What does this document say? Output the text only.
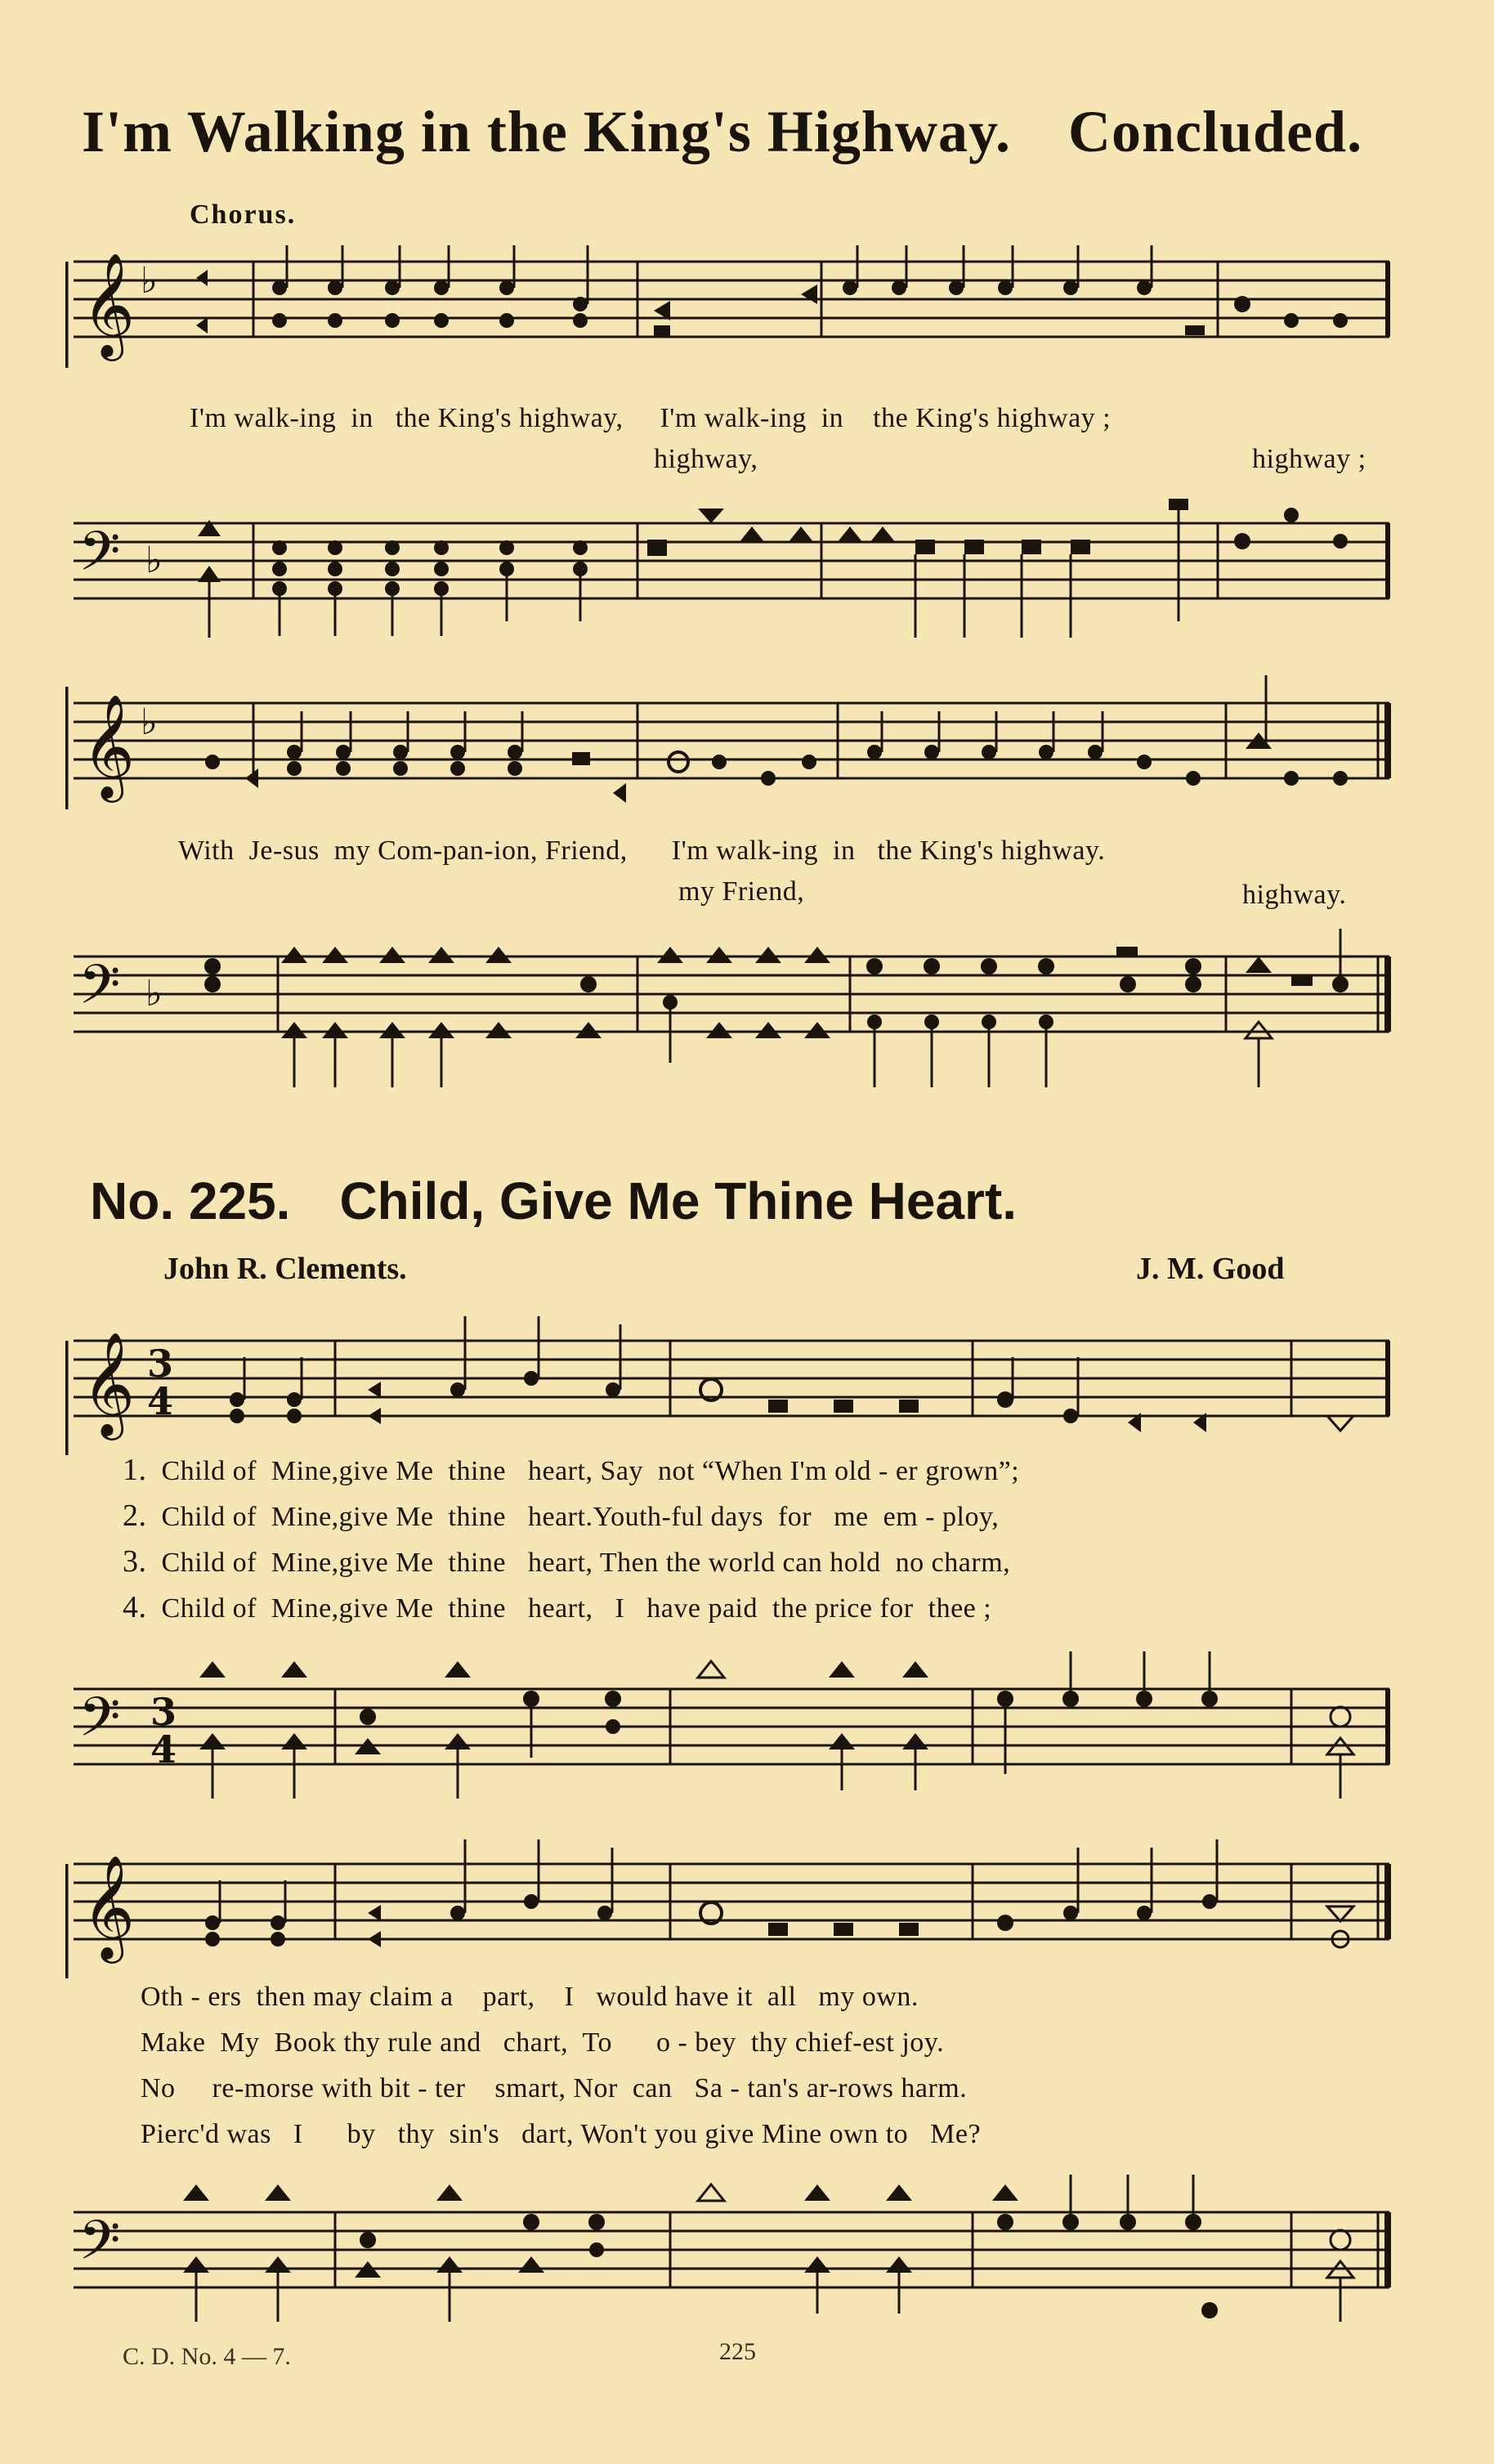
I'm Walking in the King's Highway. Concluded.
Chorus.
𝄞 ♭
I'm walk-ing  in   the King's highway,     I'm walk-ing  in    the King's highway ;
highway,	highway ;
𝄢 ♭
𝄞 ♭
With  Je-sus  my Com-pan-ion, Friend,      I'm walk-ing  in   the King's highway.
my Friend,	highway.
𝄢 ♭
No. 225. Child, Give Me Thine Heart.
John R. Clements.	J. M. Good
𝄞 3
4
1. Child of  Mine,give Me  thine   heart, Say  not “When I'm old - er grown”;
2. Child of  Mine,give Me  thine   heart.Youth-ful days  for   me  em - ploy,
3. Child of  Mine,give Me  thine   heart, Then the world can hold  no charm,
4. Child of  Mine,give Me  thine   heart,   I   have paid  the price for  thee ;
𝄢 3
4
𝄞
Oth - ers  then may claim a    part,    I   would have it  all   my own.
Make  My  Book thy rule and   chart,  To      o - bey  thy chief-est joy.
No     re-morse with bit - ter    smart, Nor  can   Sa - tan's ar-rows harm.
Pierc'd was   I      by   thy  sin's   dart, Won't you give Mine own to   Me?
𝄢
C. D. No. 4 — 7.	225
